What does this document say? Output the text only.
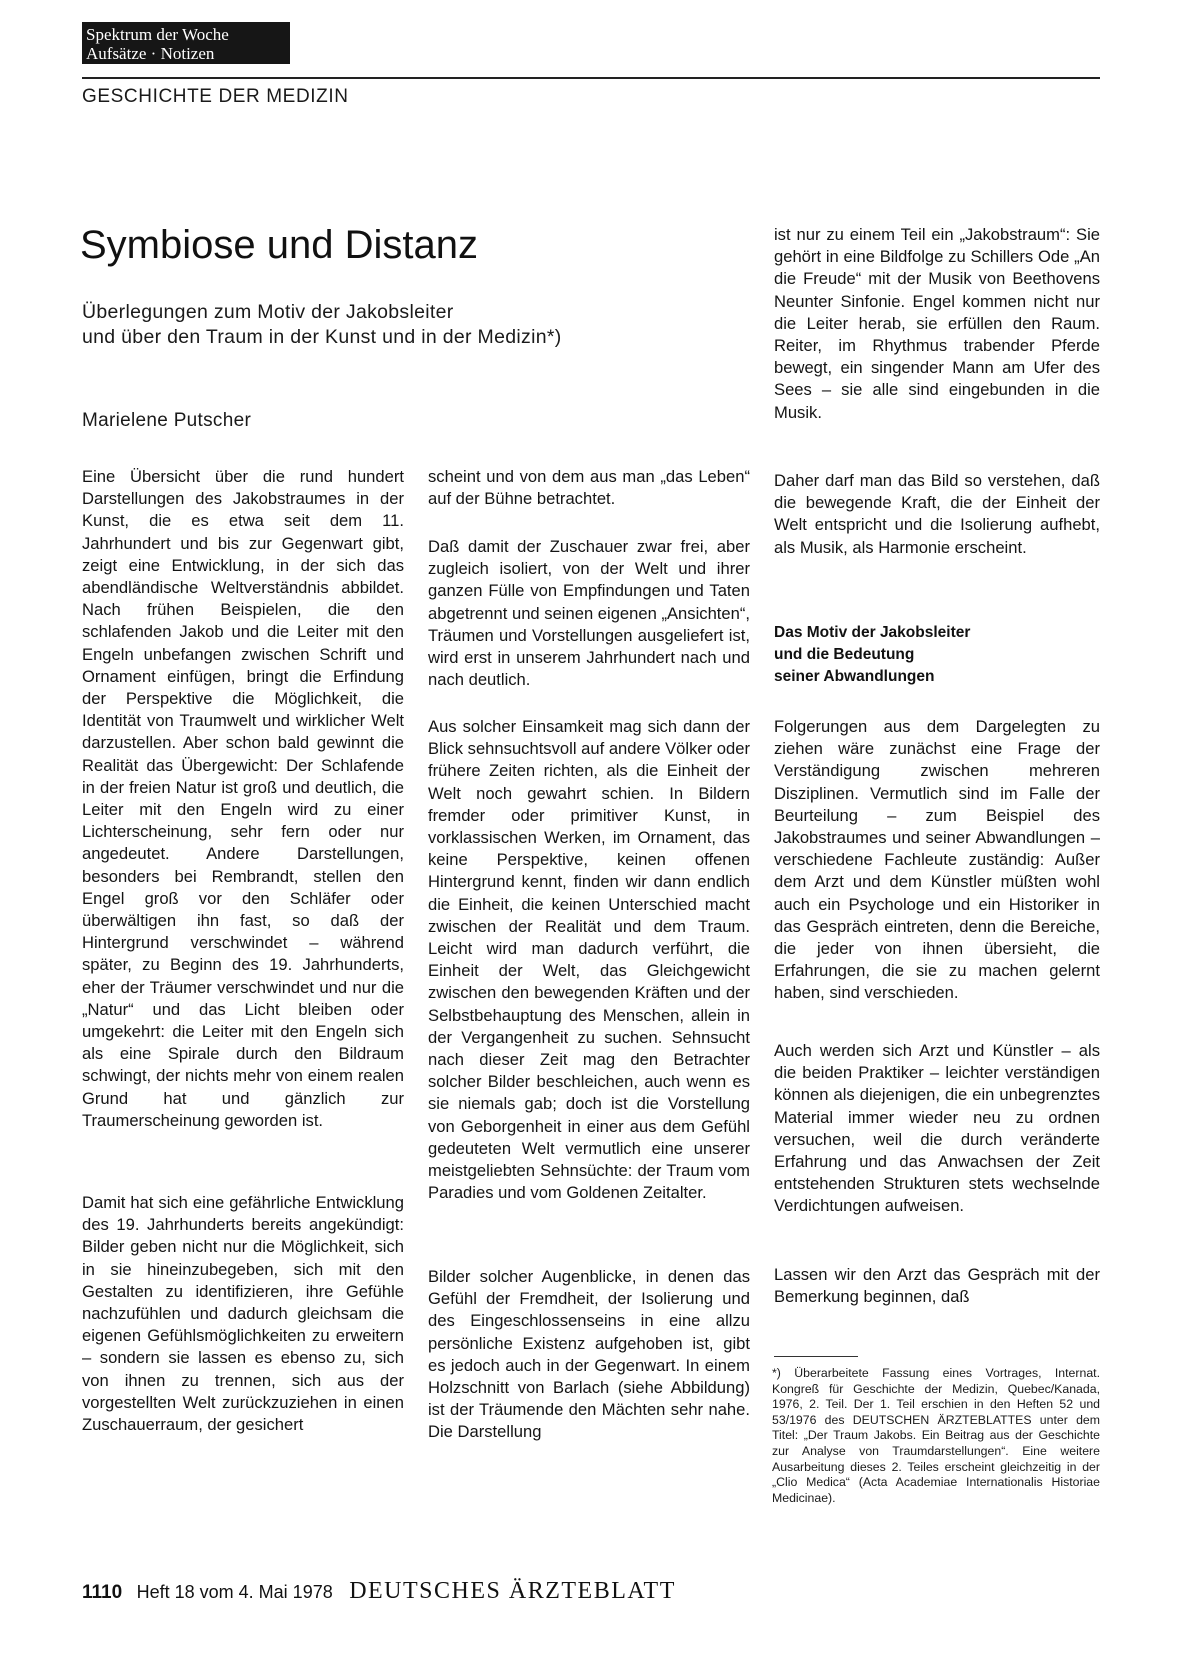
Spektrum der Woche
Aufsätze · Notizen
GESCHICHTE DER MEDIZIN
Symbiose und Distanz
Überlegungen zum Motiv der Jakobsleiter
und über den Traum in der Kunst und in der Medizin*)
Marielene Putscher

Eine Übersicht über die rund hundert Darstellungen des Jakobstraumes in der Kunst, die es etwa seit dem 11. Jahrhundert und bis zur Gegenwart gibt, zeigt eine Entwicklung, in der sich das abendländische Weltverständnis abbildet. Nach frühen Beispielen, die den schlafenden Jakob und die Leiter mit den Engeln unbefangen zwischen Schrift und Ornament einfügen, bringt die Erfindung der Perspektive die Möglichkeit, die Identität von Traumwelt und wirklicher Welt darzustellen. Aber schon bald gewinnt die Realität das Übergewicht: Der Schlafende in der freien Natur ist groß und deutlich, die Leiter mit den Engeln wird zu einer Lichterscheinung, sehr fern oder nur angedeutet. Andere Darstellungen, besonders bei Rembrandt, stellen den Engel groß vor den Schläfer oder überwältigen ihn fast, so daß der Hintergrund verschwindet – während später, zu Beginn des 19. Jahrhunderts, eher der Träumer verschwindet und nur die „Natur“ und das Licht bleiben oder umgekehrt: die Leiter mit den Engeln sich als eine Spirale durch den Bildraum schwingt, der nichts mehr von einem realen Grund hat und gänzlich zur Traumerscheinung geworden ist.

Damit hat sich eine gefährliche Entwicklung des 19. Jahrhunderts bereits angekündigt: Bilder geben nicht nur die Möglichkeit, sich in sie hineinzubegeben, sich mit den Gestalten zu identifizieren, ihre Gefühle nachzufühlen und dadurch gleichsam die eigenen Gefühlsmöglichkeiten zu erweitern – sondern sie lassen es ebenso zu, sich von ihnen zu trennen, sich aus der vorgestellten Welt zurückzuziehen in einen Zuschauerraum, der gesichert

scheint und von dem aus man „das Leben“ auf der Bühne betrachtet.

Daß damit der Zuschauer zwar frei, aber zugleich isoliert, von der Welt und ihrer ganzen Fülle von Empfindungen und Taten abgetrennt und seinen eigenen „Ansichten“, Träumen und Vorstellungen ausgeliefert ist, wird erst in unserem Jahrhundert nach und nach deutlich.

Aus solcher Einsamkeit mag sich dann der Blick sehnsuchtsvoll auf andere Völker oder frühere Zeiten richten, als die Einheit der Welt noch gewahrt schien. In Bildern fremder oder primitiver Kunst, in vorklassischen Werken, im Ornament, das keine Perspektive, keinen offenen Hintergrund kennt, finden wir dann endlich die Einheit, die keinen Unterschied macht zwischen der Realität und dem Traum. Leicht wird man dadurch verführt, die Einheit der Welt, das Gleichgewicht zwischen den bewegenden Kräften und der Selbstbehauptung des Menschen, allein in der Vergangenheit zu suchen. Sehnsucht nach dieser Zeit mag den Betrachter solcher Bilder beschleichen, auch wenn es sie niemals gab; doch ist die Vorstellung von Geborgenheit in einer aus dem Gefühl gedeuteten Welt vermutlich eine unserer meistgeliebten Sehnsüchte: der Traum vom Paradies und vom Goldenen Zeitalter.

Bilder solcher Augenblicke, in denen das Gefühl der Fremdheit, der Isolierung und des Eingeschlossenseins in eine allzu persönliche Existenz aufgehoben ist, gibt es jedoch auch in der Gegenwart. In einem Holzschnitt von Barlach (siehe Abbildung) ist der Träumende den Mächten sehr nahe. Die Darstellung

ist nur zu einem Teil ein „Jakobstraum“: Sie gehört in eine Bildfolge zu Schillers Ode „An die Freude“ mit der Musik von Beethovens Neunter Sinfonie. Engel kommen nicht nur die Leiter herab, sie erfüllen den Raum. Reiter, im Rhythmus trabender Pferde bewegt, ein singender Mann am Ufer des Sees – sie alle sind eingebunden in die Musik.

Daher darf man das Bild so verstehen, daß die bewegende Kraft, die der Einheit der Welt entspricht und die Isolierung aufhebt, als Musik, als Harmonie erscheint.

Das Motiv der Jakobsleiter
und die Bedeutung
seiner Abwandlungen

Folgerungen aus dem Dargelegten zu ziehen wäre zunächst eine Frage der Verständigung zwischen mehreren Disziplinen. Vermutlich sind im Falle der Beurteilung – zum Beispiel des Jakobstraumes und seiner Abwandlungen – verschiedene Fachleute zuständig: Außer dem Arzt und dem Künstler müßten wohl auch ein Psychologe und ein Historiker in das Gespräch eintreten, denn die Bereiche, die jeder von ihnen übersieht, die Erfahrungen, die sie zu machen gelernt haben, sind verschieden.

Auch werden sich Arzt und Künstler – als die beiden Praktiker – leichter verständigen können als diejenigen, die ein unbegrenztes Material immer wieder neu zu ordnen versuchen, weil die durch veränderte Erfahrung und das Anwachsen der Zeit entstehenden Strukturen stets wechselnde Verdichtungen aufweisen.

Lassen wir den Arzt das Gespräch mit der Bemerkung beginnen, daß

*) Überarbeitete Fassung eines Vortrages, Internat. Kongreß für Geschichte der Medizin, Quebec/Kanada, 1976, 2. Teil. Der 1. Teil erschien in den Heften 52 und 53/1976 des DEUTSCHEN ÄRZTEBLATTES unter dem Titel: „Der Traum Jakobs. Ein Beitrag aus der Geschichte zur Analyse von Traumdarstellungen“. Eine weitere Ausarbeitung dieses 2. Teiles erscheint gleichzeitig in der „Clio Medica“ (Acta Academiae Internationalis Historiae Medicinae).

1110 Heft 18 vom 4. Mai 1978 DEUTSCHES ÄRZTEBLATT
